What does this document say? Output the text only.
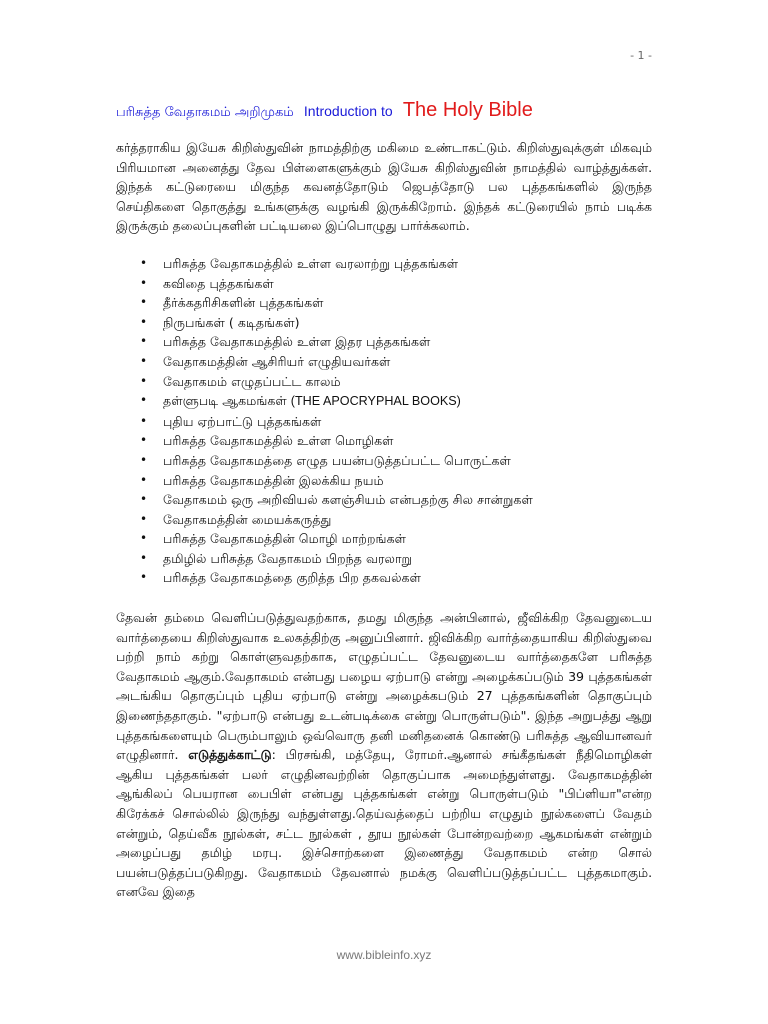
- 1 -
பரிசுத்த வேதாகமம் அறிமுகம் Introduction to The Holy Bible

கர்த்தராகிய இயேசு கிறிஸ்துவின் நாமத்திற்கு மகிமை உண்டாகட்டும். கிறிஸ்துவுக்குள் மிகவும் பிரியமான அனைத்து தேவ பிள்ளைகளுக்கும் இயேசு கிறிஸ்துவின் நாமத்தில் வாழ்த்துக்கள். இந்தக் கட்டுரையை மிகுந்த கவனத்தோடும் ஜெபத்தோடு பல புத்தகங்களில் இருந்த செய்திகளை தொகுத்து உங்களுக்கு வழங்கி இருக்கிறோம். இந்தக் கட்டுரையில் நாம் படிக்க இருக்கும் தலைப்புகளின் பட்டியலை இப்பொழுது பார்க்கலாம்.

• பரிசுத்த வேதாகமத்தில் உள்ள வரலாற்று புத்தகங்கள்
• கவிதை புத்தகங்கள்
• தீர்க்கதரிசிகளின் புத்தகங்கள்
• நிருபங்கள் ( கடிதங்கள்)
• பரிசுத்த வேதாகமத்தில் உள்ள இதர புத்தகங்கள்
• வேதாகமத்தின் ஆசிரியர் எழுதியவர்கள்
• வேதாகமம் எழுதப்பட்ட காலம்
• தள்ளுபடி ஆகமங்கள் (THE APOCRYPHAL BOOKS)
• புதிய ஏற்பாட்டு புத்தகங்கள்
• பரிசுத்த வேதாகமத்தில் உள்ள மொழிகள்
• பரிசுத்த வேதாகமத்தை எழுத பயன்படுத்தப்பட்ட பொருட்கள்
• பரிசுத்த வேதாகமத்தின் இலக்கிய நயம்
• வேதாகமம் ஒரு அறிவியல் களஞ்சியம் என்பதற்கு சில சான்றுகள்
• வேதாகமத்தின் மையக்கருத்து
• பரிசுத்த வேதாகமத்தின் மொழி மாற்றங்கள்
• தமிழில் பரிசுத்த வேதாகமம் பிறந்த வரலாறு
• பரிசுத்த வேதாகமத்தை குறித்த பிற தகவல்கள்

தேவன் தம்மை வெளிப்படுத்துவதற்காக, தமது மிகுந்த அன்பினால், ஜீவிக்கிற தேவனுடைய வார்த்தையை கிறிஸ்துவாக உலகத்திற்கு அனுப்பினார். ஜிவிக்கிற வார்த்தையாகிய கிறிஸ்துவை பற்றி நாம் கற்று கொள்ளுவதற்காக, எழுதப்பட்ட தேவனுடைய வார்த்தைகளே பரிசுத்த வேதாகமம் ஆகும்.வேதாகமம் என்பது பழைய ஏற்பாடு என்று அழைக்கப்படும் 39 புத்தகங்கள் அடங்கிய தொகுப்பும் புதிய ஏற்பாடு என்று அழைக்கபடும் 27 புத்தகங்களின் தொகுப்பும் இணைந்ததாகும். "ஏற்பாடு என்பது உடன்படிக்கை என்று பொருள்படும்". இந்த அறுபத்து ஆறு புத்தகங்களையும் பெரும்பாலும் ஒவ்வொரு தனி மனிதனைக் கொண்டு பரிசுத்த ஆவியானவர் எழுதினார். எடுத்துக்காட்டு: பிரசங்கி, மத்தேயு, ரோமர்.ஆனால் சங்கீதங்கள் நீதிமொழிகள் ஆகிய புத்தகங்கள் பலர் எழுதினவற்றின் தொகுப்பாக அமைந்துள்ளது. வேதாகமத்தின் ஆங்கிலப் பெயரான பைபிள் என்பது புத்தகங்கள் என்று பொருள்படும் "பிப்ளியா"என்ற கிரேக்கச் சொல்லில் இருந்து வந்துள்ளது.தெய்வத்தைப் பற்றிய எழுதும் நூல்களைப் வேதம் என்றும், தெய்வீக நூல்கள், சட்ட நூல்கள் , தூய நூல்கள் போன்றவற்றை ஆகமங்கள் என்றும் அழைப்பது தமிழ் மரபு. இச்சொற்களை இணைத்து வேதாகமம் என்ற சொல் பயன்படுத்தப்படுகிறது. வேதாகமம் தேவனால் நமக்கு வெளிப்படுத்தப்பட்ட புத்தகமாகும். எனவே இதை

www.bibleinfo.xyz
